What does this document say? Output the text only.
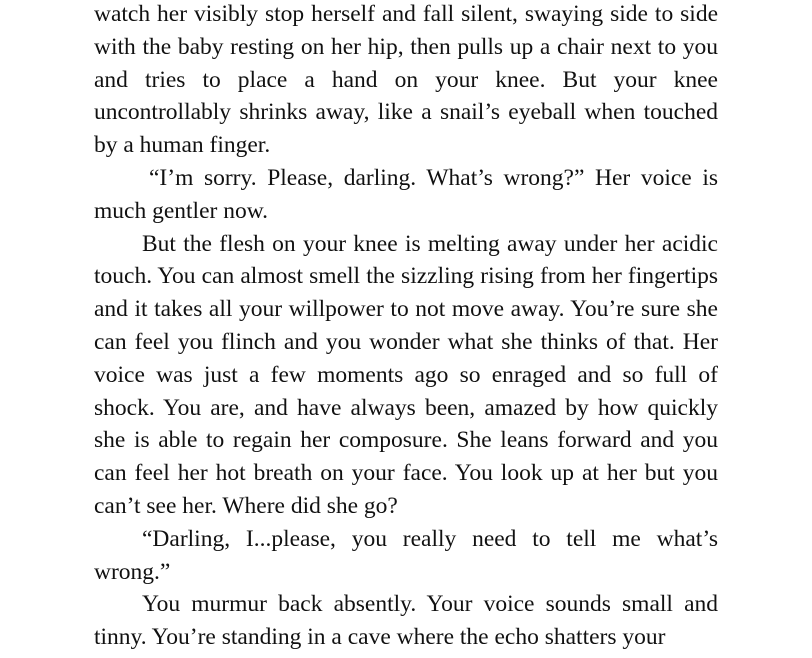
watch her visibly stop herself and fall silent, swaying side to side with the baby resting on her hip, then pulls up a chair next to you and tries to place a hand on your knee. But your knee uncontrollably shrinks away, like a snail’s eyeball when touched by a human finger.

“I’m sorry. Please, darling. What’s wrong?” Her voice is much gentler now.

But the flesh on your knee is melting away under her acidic touch. You can almost smell the sizzling rising from her fingertips and it takes all your willpower to not move away. You’re sure she can feel you flinch and you wonder what she thinks of that. Her voice was just a few moments ago so enraged and so full of shock. You are, and have always been, amazed by how quickly she is able to regain her composure. She leans forward and you can feel her hot breath on your face. You look up at her but you can’t see her. Where did she go?

“Darling, I...please, you really need to tell me what’s wrong.”

You murmur back absently. Your voice sounds small and tinny. You’re standing in a cave where the echo shatters your
